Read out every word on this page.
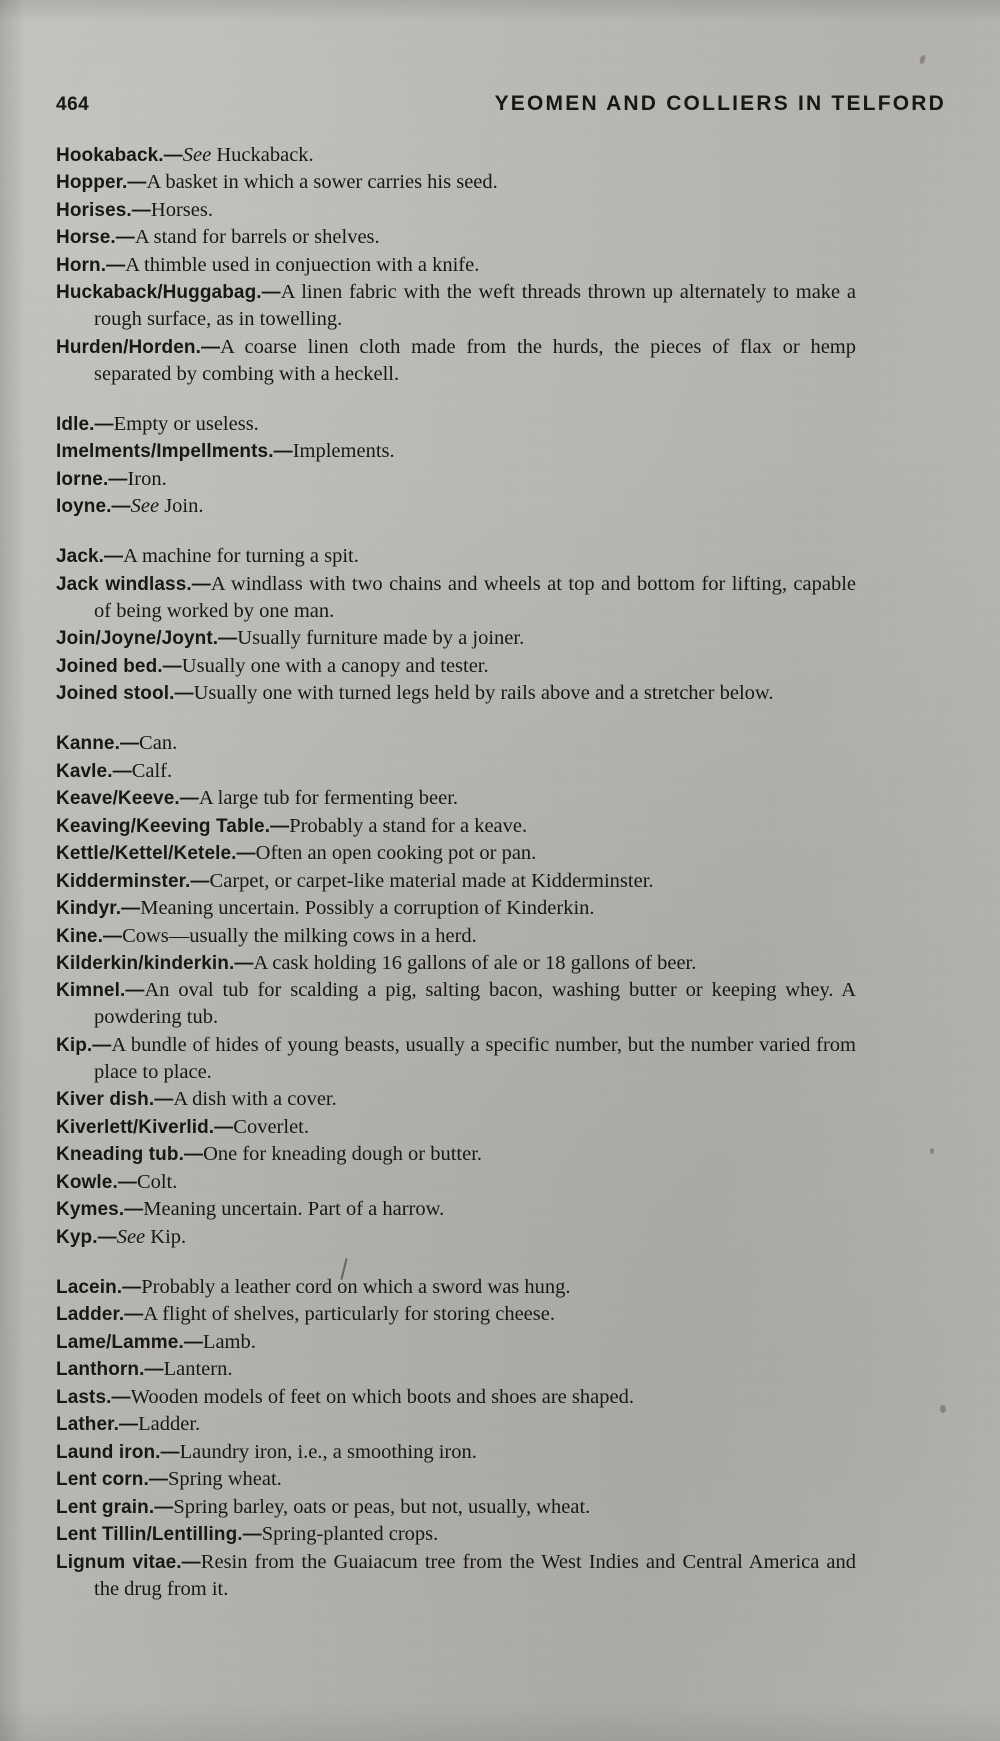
464	YEOMEN AND COLLIERS IN TELFORD

Hookaback.—See Huckaback.

Hopper.—A basket in which a sower carries his seed.

Horises.—Horses.

Horse.—A stand for barrels or shelves.

Horn.—A thimble used in conjuection with a knife.

Huckaback/Huggabag.—A linen fabric with the weft threads thrown up alternately to make a rough surface, as in towelling.

Hurden/Horden.—A coarse linen cloth made from the hurds, the pieces of flax or hemp separated by combing with a heckell.

Idle.—Empty or useless.

Imelments/Impellments.—Implements.

Iorne.—Iron.

Ioyne.—See Join.

Jack.—A machine for turning a spit.

Jack windlass.—A windlass with two chains and wheels at top and bottom for lifting, capable of being worked by one man.

Join/Joyne/Joynt.—Usually furniture made by a joiner.

Joined bed.—Usually one with a canopy and tester.

Joined stool.—Usually one with turned legs held by rails above and a stretcher below.

Kanne.—Can.

Kavle.—Calf.

Keave/Keeve.—A large tub for fermenting beer.

Keaving/Keeving Table.—Probably a stand for a keave.

Kettle/Kettel/Ketele.—Often an open cooking pot or pan.

Kidderminster.—Carpet, or carpet-like material made at Kidderminster.

Kindyr.—Meaning uncertain. Possibly a corruption of Kinderkin.

Kine.—Cows—usually the milking cows in a herd.

Kilderkin/kinderkin.—A cask holding 16 gallons of ale or 18 gallons of beer.

Kimnel.—An oval tub for scalding a pig, salting bacon, washing butter or keeping whey. A powdering tub.

Kip.—A bundle of hides of young beasts, usually a specific number, but the number varied from place to place.

Kiver dish.—A dish with a cover.

Kiverlett/Kiverlid.—Coverlet.

Kneading tub.—One for kneading dough or butter.

Kowle.—Colt.

Kymes.—Meaning uncertain. Part of a harrow.

Kyp.—See Kip.

Lacein.—Probably a leather cord on which a sword was hung.

Ladder.—A flight of shelves, particularly for storing cheese.

Lame/Lamme.—Lamb.

Lanthorn.—Lantern.

Lasts.—Wooden models of feet on which boots and shoes are shaped.

Lather.—Ladder.

Laund iron.—Laundry iron, i.e., a smoothing iron.

Lent corn.—Spring wheat.

Lent grain.—Spring barley, oats or peas, but not, usually, wheat.

Lent Tillin/Lentilling.—Spring-planted crops.

Lignum vitae.—Resin from the Guaiacum tree from the West Indies and Central America and the drug from it.
